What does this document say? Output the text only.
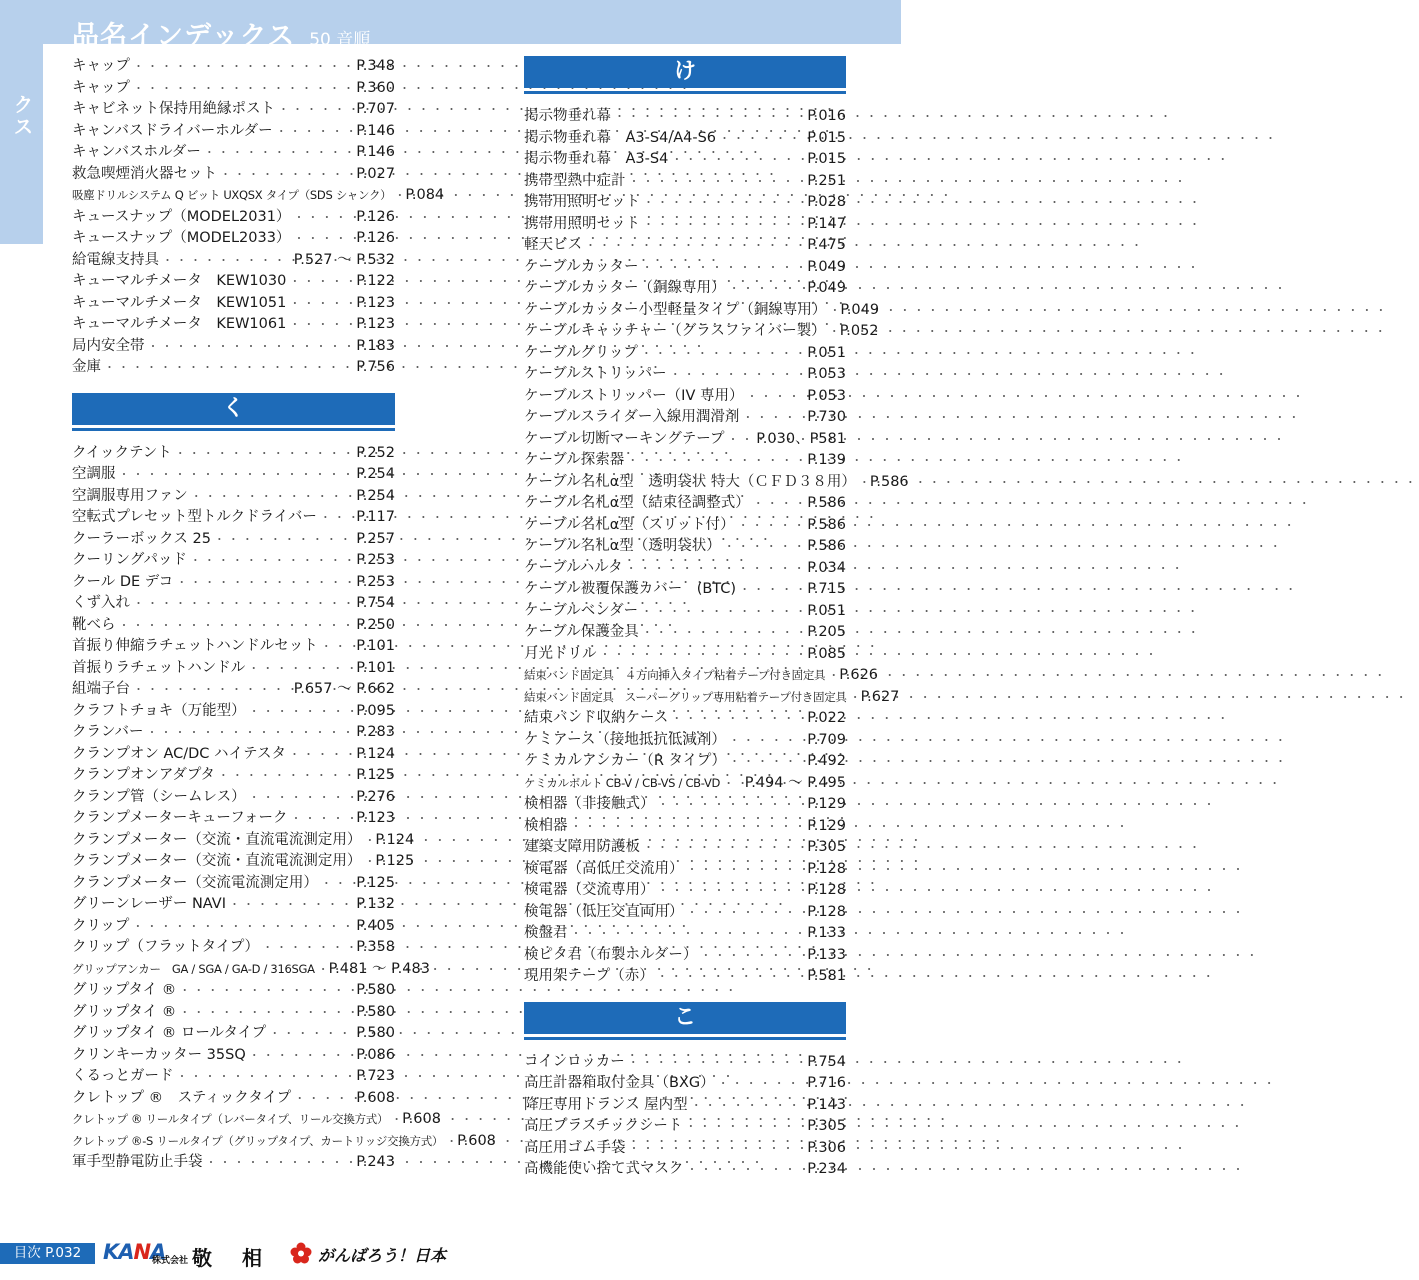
品名インデックス 50 音順
品名インデックス
キャップ ・・・・・・・・・・・・・・・・・・・・・・・・・・・・・・・・・・・・・・・・	P.348
キャップ ・・・・・・・・・・・・・・・・・・・・・・・・・・・・・・・・・・・・・・・・	P.360
キャビネット保持用絶縁ポスト ・・・・・・・・・・・・・・・・・・・・・・・・・・・・・・・・・・・・・・・・	P.707
キャンバスドライバーホルダー ・・・・・・・・・・・・・・・・・・・・・・・・・・・・・・・・・・・・・・・・	P.146
キャンバスホルダー ・・・・・・・・・・・・・・・・・・・・・・・・・・・・・・・・・・・・・・・・	P.146
救急喫煙消火器セット ・・・・・・・・・・・・・・・・・・・・・・・・・・・・・・・・・・・・・・・・	P.027
吸塵ドリルシステム Q ビット UXQSX タイプ（SDS シャンク） ・・・・・・・・・・・・・・・・・・・・・・・・・・・・・・・・・・・・・・・・ P.084
キュースナップ（MODEL2031） ・・・・・・・・・・・・・・・・・・・・・・・・・・・・・・・・・・・・・・・・	P.126
キュースナップ（MODEL2033） ・・・・・・・・・・・・・・・・・・・・・・・・・・・・・・・・・・・・・・・・	P.126
給電線支持具 ・・・・・・・・・・・・・・・・・・・・・・・・・・・・・・・・・・・・・・・・	P.527 ～ P.532
キューマルチメータ　KEW1030 ・・・・・・・・・・・・・・・・・・・・・・・・・・・・・・・・・・・・・・・・	P.122
キューマルチメータ　KEW1051 ・・・・・・・・・・・・・・・・・・・・・・・・・・・・・・・・・・・・・・・・	P.123
キューマルチメータ　KEW1061 ・・・・・・・・・・・・・・・・・・・・・・・・・・・・・・・・・・・・・・・・	P.123
局内安全帯 ・・・・・・・・・・・・・・・・・・・・・・・・・・・・・・・・・・・・・・・・	P.183
金庫 ・・・・・・・・・・・・・・・・・・・・・・・・・・・・・・・・・・・・・・・・	P.756
く
クイックテント ・・・・・・・・・・・・・・・・・・・・・・・・・・・・・・・・・・・・・・・・	P.252
空調服 ・・・・・・・・・・・・・・・・・・・・・・・・・・・・・・・・・・・・・・・・	P.254
空調服専用ファン ・・・・・・・・・・・・・・・・・・・・・・・・・・・・・・・・・・・・・・・・	P.254
空転式プレセット型トルクドライバー ・・・・・・・・・・・・・・・・・・・・・・・・・・・・・・・・・・・・・・・・	P.117
クーラーボックス 25 ・・・・・・・・・・・・・・・・・・・・・・・・・・・・・・・・・・・・・・・・	P.257
クーリングパッド ・・・・・・・・・・・・・・・・・・・・・・・・・・・・・・・・・・・・・・・・	P.253
クール DE デコ ・・・・・・・・・・・・・・・・・・・・・・・・・・・・・・・・・・・・・・・・	P.253
くず入れ ・・・・・・・・・・・・・・・・・・・・・・・・・・・・・・・・・・・・・・・・	P.754
靴べら ・・・・・・・・・・・・・・・・・・・・・・・・・・・・・・・・・・・・・・・・	P.250
首振り伸縮ラチェットハンドルセット ・・・・・・・・・・・・・・・・・・・・・・・・・・・・・・・・・・・・・・・・	P.101
首振りラチェットハンドル ・・・・・・・・・・・・・・・・・・・・・・・・・・・・・・・・・・・・・・・・	P.101
組端子台 ・・・・・・・・・・・・・・・・・・・・・・・・・・・・・・・・・・・・・・・・	P.657 ～ P.662
クラフトチョキ（万能型） ・・・・・・・・・・・・・・・・・・・・・・・・・・・・・・・・・・・・・・・・	P.095
クランバー ・・・・・・・・・・・・・・・・・・・・・・・・・・・・・・・・・・・・・・・・	P.283
クランプオン AC/DC ハイテスタ ・・・・・・・・・・・・・・・・・・・・・・・・・・・・・・・・・・・・・・・・	P.124
クランプオンアダプタ ・・・・・・・・・・・・・・・・・・・・・・・・・・・・・・・・・・・・・・・・	P.125
クランプ管（シームレス） ・・・・・・・・・・・・・・・・・・・・・・・・・・・・・・・・・・・・・・・・	P.276
クランプメーターキューフォーク ・・・・・・・・・・・・・・・・・・・・・・・・・・・・・・・・・・・・・・・・	P.123
クランプメーター（交流・直流電流測定用） ・・・・・・・・・・・・・・・・・・・・・・・・・・・・・・・・・・・・・・・・ P.124
クランプメーター（交流・直流電流測定用） ・・・・・・・・・・・・・・・・・・・・・・・・・・・・・・・・・・・・・・・・ P.125
クランプメーター（交流電流測定用） ・・・・・・・・・・・・・・・・・・・・・・・・・・・・・・・・・・・・・・・・	P.125
グリーンレーザー NAVI ・・・・・・・・・・・・・・・・・・・・・・・・・・・・・・・・・・・・・・・・	P.132
クリップ ・・・・・・・・・・・・・・・・・・・・・・・・・・・・・・・・・・・・・・・・	P.405
クリップ（フラットタイプ） ・・・・・・・・・・・・・・・・・・・・・・・・・・・・・・・・・・・・・・・・	P.358
グリップアンカー　GA / SGA / GA-D / 316SGA ・・・・・・・・・・・・・・・・・・・・・・・・・・・・・・・・・・・・・・・・ P.481 ～ P.483
グリップタイ ® ・・・・・・・・・・・・・・・・・・・・・・・・・・・・・・・・・・・・・・・・	P.580
グリップタイ ® ・・・・・・・・・・・・・・・・・・・・・・・・・・・・・・・・・・・・・・・・	P.580
グリップタイ ® ロールタイプ ・・・・・・・・・・・・・・・・・・・・・・・・・・・・・・・・・・・・・・・・	P.580
クリンキーカッター 35SQ ・・・・・・・・・・・・・・・・・・・・・・・・・・・・・・・・・・・・・・・・	P.086
くるっとガード ・・・・・・・・・・・・・・・・・・・・・・・・・・・・・・・・・・・・・・・・	P.723
クレトップ ®　スティックタイプ ・・・・・・・・・・・・・・・・・・・・・・・・・・・・・・・・・・・・・・・・	P.608
クレトップ ® リールタイプ（レバータイプ、リール交換方式） ・・・・・・・・・・・・・・・・・・・・・・・・・・・・・・・・・・・・・・・・ P.608
クレトップ ®-S リールタイプ（グリップタイプ、カートリッジ交換方式） ・・・・・・・・・・・・・・・・・・・・・・・・・・・・・・・・・・・・・・・・ P.608
軍手型静電防止手袋 ・・・・・・・・・・・・・・・・・・・・・・・・・・・・・・・・・・・・・・・・	P.243
け
掲示物垂れ幕 ・・・・・・・・・・・・・・・・・・・・・・・・・・・・・・・・・・・・・・・・	P.016
掲示物垂れ幕　A3-S4/A4-S6 ・・・・・・・・・・・・・・・・・・・・・・・・・・・・・・・・・・・・・・・・	P.015
掲示物垂れ幕　A3-S4 ・・・・・・・・・・・・・・・・・・・・・・・・・・・・・・・・・・・・・・・・	P.015
携帯型熱中症計 ・・・・・・・・・・・・・・・・・・・・・・・・・・・・・・・・・・・・・・・・	P.251
携帯用照明セット ・・・・・・・・・・・・・・・・・・・・・・・・・・・・・・・・・・・・・・・・	P.028
携帯用照明セット ・・・・・・・・・・・・・・・・・・・・・・・・・・・・・・・・・・・・・・・・	P.147
軽天ビス ・・・・・・・・・・・・・・・・・・・・・・・・・・・・・・・・・・・・・・・・	P.475
ケーブルカッター ・・・・・・・・・・・・・・・・・・・・・・・・・・・・・・・・・・・・・・・・	P.049
ケーブルカッター（銅線専用） ・・・・・・・・・・・・・・・・・・・・・・・・・・・・・・・・・・・・・・・・	P.049
ケーブルカッター小型軽量タイプ（銅線専用） ・・・・・・・・・・・・・・・・・・・・・・・・・・・・・・・・・・・・・・・・ P.049
ケーブルキャッチャー（グラスファイバー製） ・・・・・・・・・・・・・・・・・・・・・・・・・・・・・・・・・・・・・・・・ P.052
ケーブルグリップ ・・・・・・・・・・・・・・・・・・・・・・・・・・・・・・・・・・・・・・・・	P.051
ケーブルストリッパー ・・・・・・・・・・・・・・・・・・・・・・・・・・・・・・・・・・・・・・・・	P.053
ケーブルストリッパー（IV 専用） ・・・・・・・・・・・・・・・・・・・・・・・・・・・・・・・・・・・・・・・・	P.053
ケーブルスライダー入線用潤滑剤 ・・・・・・・・・・・・・・・・・・・・・・・・・・・・・・・・・・・・・・・・	P.730
ケーブル切断マーキングテープ ・・・・・・・・・・・・・・・・・・・・・・・・・・・・・・・・・・・・・・・・ P.030、P581
ケーブル探索器 ・・・・・・・・・・・・・・・・・・・・・・・・・・・・・・・・・・・・・・・・	P.139
ケーブル名札α型　透明袋状 特大（ＣＦＤ３８用） ・・・・・・・・・・・・・・・・・・・・・・・・・・・・・・・・・・・・・・・・ P.586
ケーブル名札α型（結束径調整式） ・・・・・・・・・・・・・・・・・・・・・・・・・・・・・・・・・・・・・・・・	P.586
ケーブル名札α型（スリット付） ・・・・・・・・・・・・・・・・・・・・・・・・・・・・・・・・・・・・・・・・	P.586
ケーブル名札α型（透明袋状） ・・・・・・・・・・・・・・・・・・・・・・・・・・・・・・・・・・・・・・・・	P.586
ケーブルハルタ ・・・・・・・・・・・・・・・・・・・・・・・・・・・・・・・・・・・・・・・・	P.034
ケーブル被覆保護カバー　(BTC) ・・・・・・・・・・・・・・・・・・・・・・・・・・・・・・・・・・・・・・・・	P.715
ケーブルベンダー ・・・・・・・・・・・・・・・・・・・・・・・・・・・・・・・・・・・・・・・・	P.051
ケーブル保護金具 ・・・・・・・・・・・・・・・・・・・・・・・・・・・・・・・・・・・・・・・・	P.205
月光ドリル ・・・・・・・・・・・・・・・・・・・・・・・・・・・・・・・・・・・・・・・・	P.085
結束バンド固定具　４方向挿入タイプ粘着テープ付き固定具 ・・・・・・・・・・・・・・・・・・・・・・・・・・・・・・・・・・・・・・・・ P.626
結束バンド固定具　スーパーグリップ専用粘着テープ付き固定具 ・・・・・・・・・・・・・・・・・・・・・・・・・・・・・・・・・・・・・・・・ P.627
結束バンド収納ケース ・・・・・・・・・・・・・・・・・・・・・・・・・・・・・・・・・・・・・・・・	P.022
ケミアース（接地抵抗低減剤） ・・・・・・・・・・・・・・・・・・・・・・・・・・・・・・・・・・・・・・・・	P.709
ケミカルアンカー（R タイプ） ・・・・・・・・・・・・・・・・・・・・・・・・・・・・・・・・・・・・・・・・	P.492
ケミカルボルト CB-V / CB-VS / CB-VD ・・・・・・・・・・・・・・・・・・・・・・・・・・・・・・・・・・・・・・・・ P.494 ～ P.495
検相器（非接触式） ・・・・・・・・・・・・・・・・・・・・・・・・・・・・・・・・・・・・・・・・	P.129
検相器 ・・・・・・・・・・・・・・・・・・・・・・・・・・・・・・・・・・・・・・・・	P.129
建築支障用防護板 ・・・・・・・・・・・・・・・・・・・・・・・・・・・・・・・・・・・・・・・・	P.305
検電器（高低圧交流用） ・・・・・・・・・・・・・・・・・・・・・・・・・・・・・・・・・・・・・・・・	P.128
検電器（交流専用） ・・・・・・・・・・・・・・・・・・・・・・・・・・・・・・・・・・・・・・・・	P.128
検電器（低圧交直両用） ・・・・・・・・・・・・・・・・・・・・・・・・・・・・・・・・・・・・・・・・	P.128
検盤君 ・・・・・・・・・・・・・・・・・・・・・・・・・・・・・・・・・・・・・・・・	P.133
検ピタ君（布製ホルダー） ・・・・・・・・・・・・・・・・・・・・・・・・・・・・・・・・・・・・・・・・	P.133
現用架テープ（赤） ・・・・・・・・・・・・・・・・・・・・・・・・・・・・・・・・・・・・・・・・	P.581
こ
コインロッカー ・・・・・・・・・・・・・・・・・・・・・・・・・・・・・・・・・・・・・・・・	P.754
高圧計器箱取付金具（BXG） ・・・・・・・・・・・・・・・・・・・・・・・・・・・・・・・・・・・・・・・・	P.716
降圧専用トランス 屋内型 ・・・・・・・・・・・・・・・・・・・・・・・・・・・・・・・・・・・・・・・・	P.143
高圧プラスチックシート ・・・・・・・・・・・・・・・・・・・・・・・・・・・・・・・・・・・・・・・・	P.305
高圧用ゴム手袋 ・・・・・・・・・・・・・・・・・・・・・・・・・・・・・・・・・・・・・・・・	P.306
高機能使い捨て式マスク ・・・・・・・・・・・・・・・・・・・・・・・・・・・・・・・・・・・・・・・・	P.234
目次 P.032	KANA
株式会社 敬 相	がんばろう！日本
